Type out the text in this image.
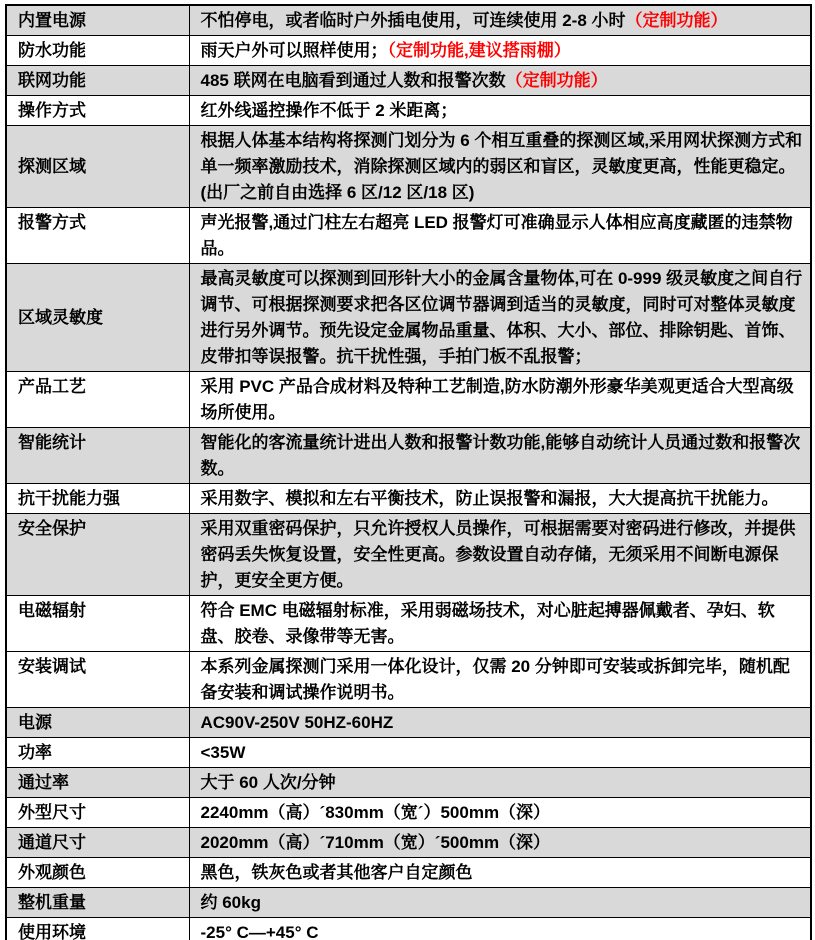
内置电源	不怕停电，或者临时户外插电使用，可连续使用 2-8 小时（定制功能）
防水功能	雨天户外可以照样使用；（定制功能,建议搭雨棚）
联网功能	485 联网在电脑看到通过人数和报警次数（定制功能）
操作方式	红外线遥控操作不低于 2 米距离；
探测区域	根据人体基本结构将探测门划分为 6 个相互重叠的探测区域,采用网状探测方式和单一频率激励技术，消除探测区域内的弱区和盲区，灵敏度更高，性能更稳定。(出厂之前自由选择 6 区/12 区/18 区)
报警方式	声光报警,通过门柱左右超亮 LED 报警灯可准确显示人体相应高度藏匿的违禁物品。
区域灵敏度	最高灵敏度可以探测到回形针大小的金属含量物体,可在 0-999 级灵敏度之间自行调节、可根据探测要求把各区位调节器调到适当的灵敏度，同时可对整体灵敏度进行另外调节。预先设定金属物品重量、体积、大小、部位、排除钥匙、首饰、皮带扣等误报警。抗干扰性强，手拍门板不乱报警；
产品工艺	采用 PVC 产品合成材料及特种工艺制造,防水防潮外形豪华美观更适合大型高级场所使用。
智能统计	智能化的客流量统计进出人数和报警计数功能,能够自动统计人员通过数和报警次数。
抗干扰能力强	采用数字、模拟和左右平衡技术，防止误报警和漏报，大大提高抗干扰能力。
安全保护	采用双重密码保护，只允许授权人员操作，可根据需要对密码进行修改，并提供密码丢失恢复设置，安全性更高。参数设置自动存储，无须采用不间断电源保护，更安全更方便。
电磁辐射	符合 EMC 电磁辐射标准，采用弱磁场技术，对心脏起搏器佩戴者、孕妇、软盘、胶卷、录像带等无害。
安装调试	本系列金属探测门采用一体化设计，仅需 20 分钟即可安装或拆卸完毕，随机配备安装和调试操作说明书。
电源	AC90V-250V 50HZ-60HZ
功率	<35W
通过率	大于 60 人次/分钟
外型尺寸	2240mm（高）´830mm（宽´）500mm（深）
通道尺寸	2020mm（高）´710mm（宽）´500mm（深）
外观颜色	黑色，铁灰色或者其他客户自定颜色
整机重量	约 60kg
使用环境	-25° C—+45° C
